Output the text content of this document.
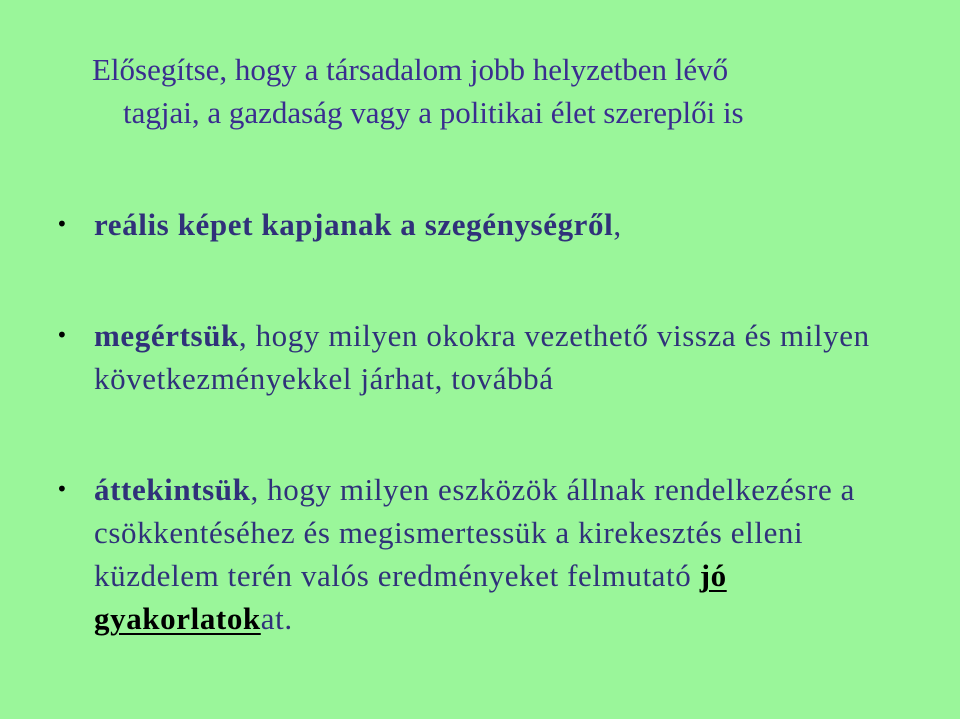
Elősegítse, hogy a társadalom jobb helyzetben lévő
tagjai, a gazdaság vagy a politikai élet szereplői is

• reális képet kapjanak a szegénységről,
• megértsük, hogy milyen okokra vezethető vissza és milyen következményekkel járhat, továbbá
• áttekintsük, hogy milyen eszközök állnak rendelkezésre a csökkentéséhez és megismertessük a kirekesztés elleni küzdelem terén valós eredményeket felmutató jó gyakorlatokat.
